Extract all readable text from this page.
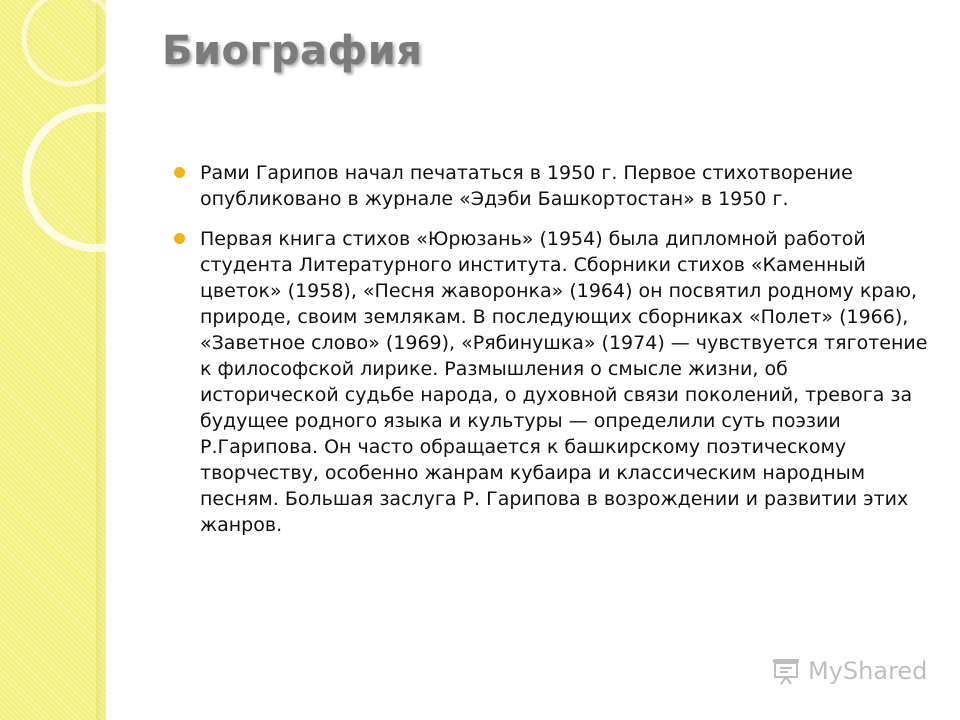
Биография
Рами Гарипов начал печататься в 1950 г. Первое стихотворение опубликовано в журнале «Эдэби Башкортостан» в 1950 г.
Первая книга стихов «Юрюзань» (1954) была дипломной работой студента Литературного института. Сборники стихов «Каменный цветок» (1958), «Песня жаворонка» (1964) он посвятил родному краю, природе, своим землякам. В последующих сборниках «Полет» (1966), «Заветное слово» (1969), «Рябинушка» (1974) — чувствуется тяготение к философской лирике. Размышления о смысле жизни, об исторической судьбе народа, о духовной связи поколений, тревога за будущее родного языка и культуры — определили суть поэзии Р.Гарипова. Он часто обращается к башкирскому поэтическому творчеству, особенно жанрам кубаира и классическим народным песням. Большая заслуга Р. Гарипова в возрождении и развитии этих жанров.
MyShared
